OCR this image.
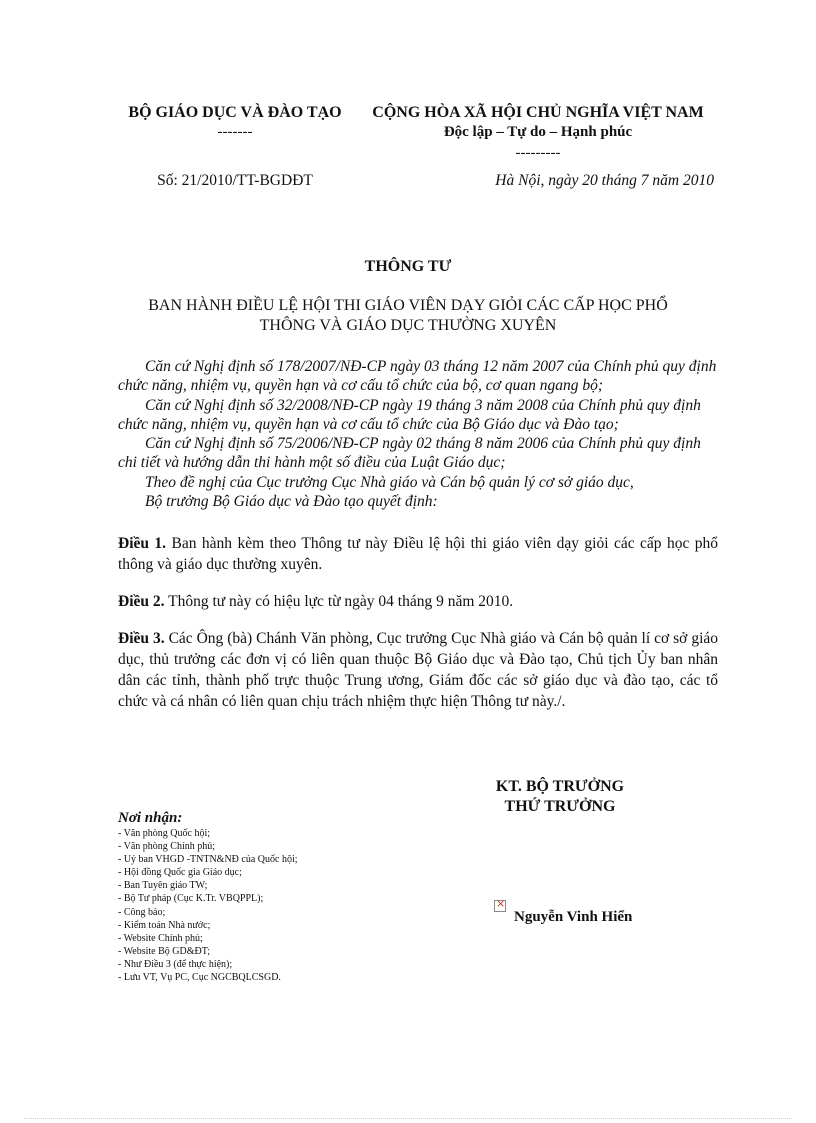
BỘ GIÁO DỤC VÀ ĐÀO TẠO
-------
CỘNG HÒA XÃ HỘI CHỦ NGHĨA VIỆT NAM
Độc lập – Tự do – Hạnh phúc
---------
Số: 21/2010/TT-BGDĐT	Hà Nội, ngày 20 tháng 7 năm 2010
THÔNG TƯ
BAN HÀNH ĐIỀU LỆ HỘI THI GIÁO VIÊN DẠY GIỎI CÁC CẤP HỌC PHỔ
THÔNG VÀ GIÁO DỤC THƯỜNG XUYÊN

Căn cứ Nghị định số 178/2007/NĐ-CP ngày 03 tháng 12 năm 2007 của Chính phủ quy định chức năng, nhiệm vụ, quyền hạn và cơ cấu tổ chức của bộ, cơ quan ngang bộ;

Căn cứ Nghị định số 32/2008/NĐ-CP ngày 19 tháng 3 năm 2008 của Chính phủ quy định chức năng, nhiệm vụ, quyền hạn và cơ cấu tổ chức của Bộ Giáo dục và Đào tạo;

Căn cứ Nghị định số 75/2006/NĐ-CP ngày 02 tháng 8 năm 2006 của Chính phủ quy định chi tiết và hướng dẫn thi hành một số điều của Luật Giáo dục;

Theo đề nghị của Cục trưởng Cục Nhà giáo và Cán bộ quản lý cơ sở giáo dục,

Bộ trưởng Bộ Giáo dục và Đào tạo quyết định:

Điều 1. Ban hành kèm theo Thông tư này Điều lệ hội thi giáo viên dạy giỏi các cấp học phổ thông và giáo dục thường xuyên.

Điều 2. Thông tư này có hiệu lực từ ngày 04 tháng 9 năm 2010.

Điều 3. Các Ông (bà) Chánh Văn phòng, Cục trưởng Cục Nhà giáo và Cán bộ quản lí cơ sở giáo dục, thủ trưởng các đơn vị có liên quan thuộc Bộ Giáo dục và Đào tạo, Chủ tịch Ủy ban nhân dân các tỉnh, thành phố trực thuộc Trung ương, Giám đốc các sở giáo dục và đào tạo, các tổ chức và cá nhân có liên quan chịu trách nhiệm thực hiện Thông tư này./.

KT. BỘ TRƯỞNG
THỨ TRƯỞNG
×
Nguyễn Vinh Hiển
Nơi nhận:
- Văn phòng Quốc hội;
- Văn phòng Chính phủ;
- Uỷ ban VHGD -TNTN&NĐ của Quốc hội;
- Hội đồng Quốc gia Giáo dục;
- Ban Tuyên giáo TW;
- Bộ Tư pháp (Cục K.Tr. VBQPPL);
- Công báo;
- Kiểm toán Nhà nước;
- Website Chính phủ;
- Website Bộ GD&ĐT;
- Như Điều 3 (để thực hiện);
- Lưu VT, Vụ PC, Cục NGCBQLCSGD.
